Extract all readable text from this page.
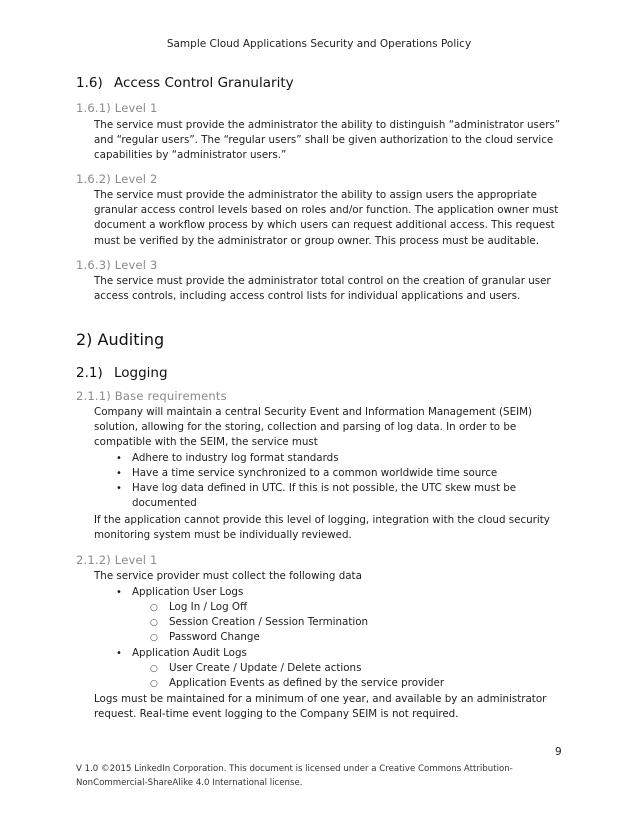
Sample Cloud Applications Security and Operations Policy
1.6) Access Control Granularity
1.6.1) Level 1
The service must provide the administrator the ability to distinguish “administrator users”
and “regular users”. The “regular users” shall be given authorization to the cloud service
capabilities by “administrator users.”
1.6.2) Level 2
The service must provide the administrator the ability to assign users the appropriate
granular access control levels based on roles and/or function. The application owner must
document a workflow process by which users can request additional access. This request
must be verified by the administrator or group owner. This process must be auditable.
1.6.3) Level 3
The service must provide the administrator total control on the creation of granular user
access controls, including access control lists for individual applications and users.
2) Auditing
2.1) Logging
2.1.1) Base requirements
Company will maintain a central Security Event and Information Management (SEIM)
solution, allowing for the storing, collection and parsing of log data. In order to be
compatible with the SEIM, the service must
• Adhere to industry log format standards
• Have a time service synchronized to a common worldwide time source
• Have log data defined in UTC. If this is not possible, the UTC skew must be
documented
If the application cannot provide this level of logging, integration with the cloud security
monitoring system must be individually reviewed.
2.1.2) Level 1
The service provider must collect the following data
• Application User Logs
○ Log In / Log Off
○ Session Creation / Session Termination
○ Password Change
• Application Audit Logs
○ User Create / Update / Delete actions
○ Application Events as defined by the service provider
Logs must be maintained for a minimum of one year, and available by an administrator
request. Real-time event logging to the Company SEIM is not required.
9
V 1.0 ©2015 LinkedIn Corporation. This document is licensed under a Creative Commons Attribution-
NonCommercial-ShareAlike 4.0 International license.
